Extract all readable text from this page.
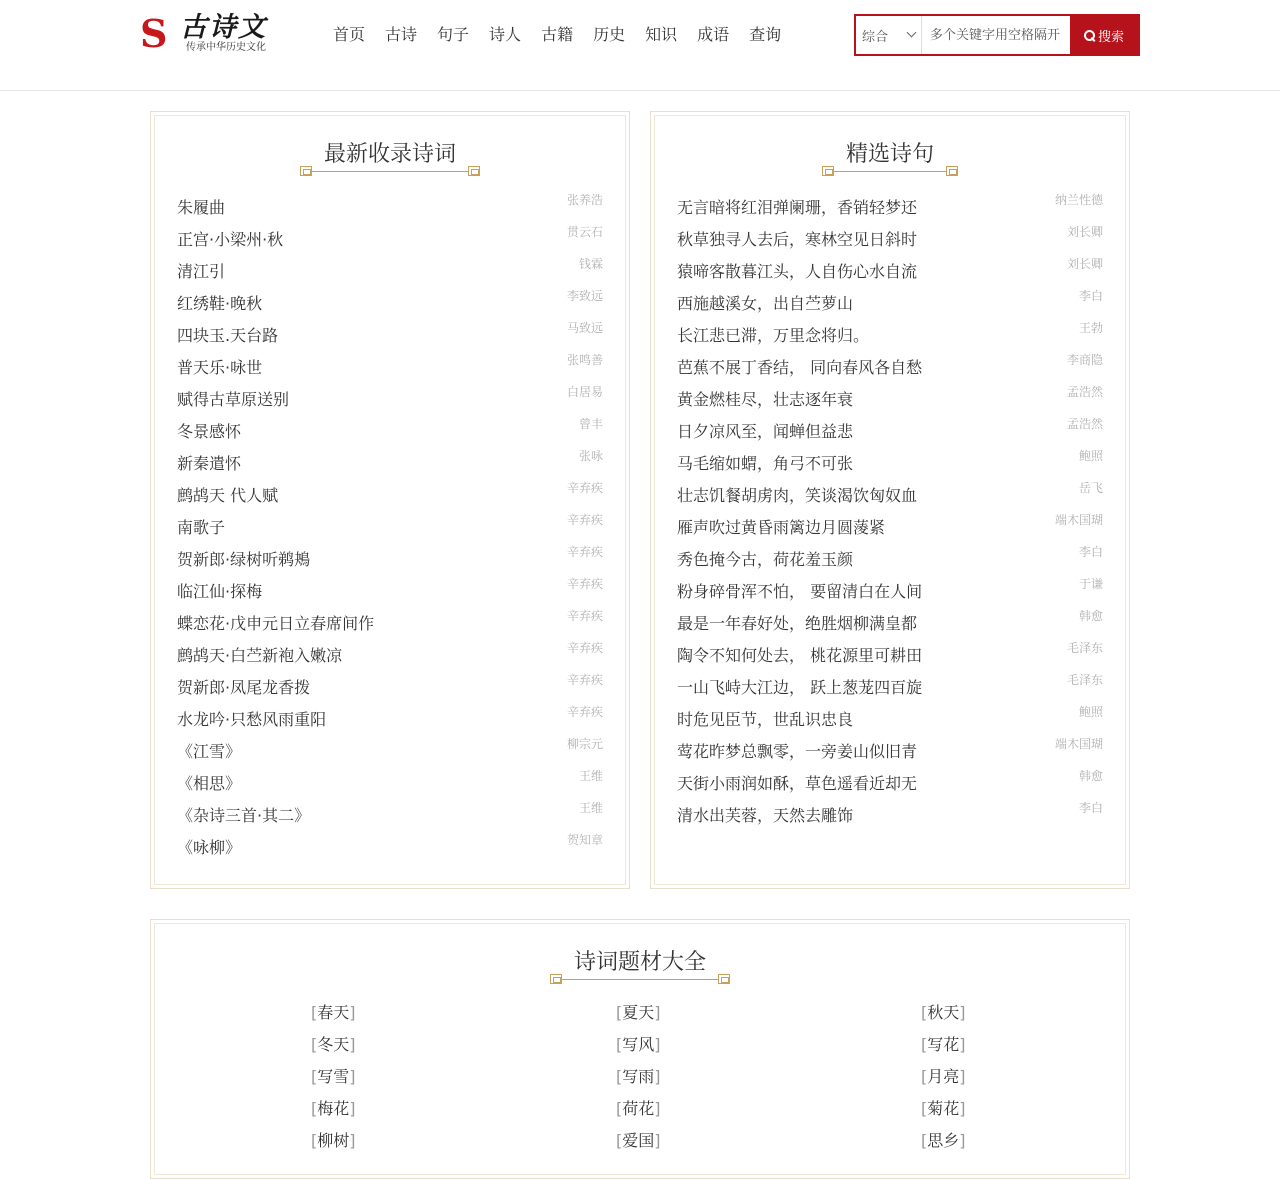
S 古诗文
传承中华历史文化
首页 古诗 句子 诗人 古籍 历史 知识 成语 查询	综合
多个关键字用空格隔开	搜索
最新收录诗词
朱履曲	张养浩
正宫·小梁州·秋	贯云石
清江引	钱霖
红绣鞋·晚秋	李致远
四块玉.天台路	马致远
普天乐·咏世	张鸣善
赋得古草原送别	白居易
冬景感怀	曾丰
新秦遣怀	张咏
鹧鸪天 代人赋	辛弃疾
南歌子	辛弃疾
贺新郎·绿树听鹈鴂	辛弃疾
临江仙·探梅	辛弃疾
蝶恋花·戊申元日立春席间作	辛弃疾
鹧鸪天·白苎新袍入嫩凉	辛弃疾
贺新郎·凤尾龙香拨	辛弃疾
水龙吟·只愁风雨重阳	辛弃疾
《江雪》	柳宗元
《相思》	王维
《杂诗三首·其二》	王维
《咏柳》	贺知章
精选诗句
无言暗将红泪弹阑珊，香销轻梦还	纳兰性德
秋草独寻人去后，寒林空见日斜时	刘长卿
猿啼客散暮江头，人自伤心水自流	刘长卿
西施越溪女，出自苎萝山	李白
长江悲已滞，万里念将归。	王勃
芭蕉不展丁香结， 同向春风各自愁	李商隐
黄金燃桂尽，壮志逐年衰	孟浩然
日夕凉风至，闻蝉但益悲	孟浩然
马毛缩如蝟，角弓不可张	鲍照
壮志饥餐胡虏肉，笑谈渴饮匈奴血	岳飞
雁声吹过黄昏雨篱边月圆蔆紧	端木国瑚
秀色掩今古，荷花羞玉颜	李白
粉身碎骨浑不怕， 要留清白在人间	于谦
最是一年春好处，绝胜烟柳满皇都	韩愈
陶令不知何处去， 桃花源里可耕田	毛泽东
一山飞峙大江边， 跃上葱茏四百旋	毛泽东
时危见臣节，世乱识忠良	鲍照
莺花昨梦总飘零，一旁姜山似旧青	端木国瑚
天街小雨润如酥，草色遥看近却无	韩愈
清水出芙蓉，天然去雕饰	李白
诗词题材大全
[春天]	[夏天]	[秋天]
[冬天]	[写风]	[写花]
[写雪]	[写雨]	[月亮]
[梅花]	[荷花]	[菊花]
[柳树]	[爱国]	[思乡]
